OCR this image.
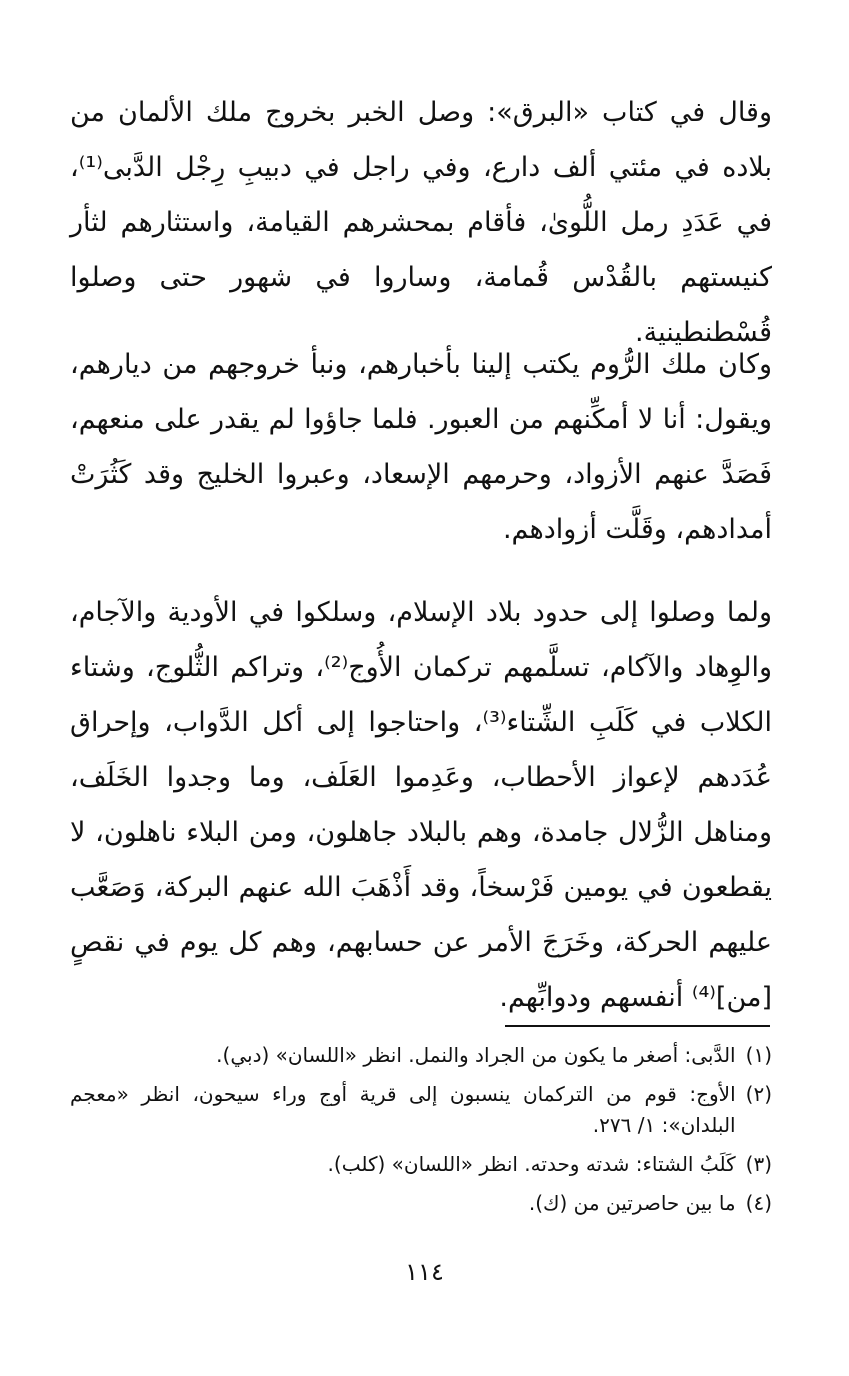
وقال في كتاب «البرق»: وصل الخبر بخروج ملك الألمان من بلاده في مئتي ألف دارع، وفي راجل في دبيبِ رِجْل الدَّبى⁽¹⁾، في عَدَدِ رمل اللُّوىٰ، فأقام بمحشرهم القيامة، واستثارهم لثأر كنيستهم بالقُدْس قُمامة، وساروا في شهور حتى وصلوا قُسْطنطينية.

وكان ملك الرُّوم يكتب إلينا بأخبارهم، ونبأ خروجهم من ديارهم، ويقول: أنا لا أمكِّنهم من العبور. فلما جاؤوا لم يقدر على منعهم، فَصَدَّ عنهم الأزواد، وحرمهم الإسعاد، وعبروا الخليج وقد كَثُرَتْ أمدادهم، وقَلَّت أزوادهم.

ولما وصلوا إلى حدود بلاد الإسلام، وسلكوا في الأودية والآجام، والوِهاد والآكام، تسلَّمهم تركمان الأُوج⁽²⁾، وتراكم الثُّلوج، وشتاء الكلاب في كَلَبِ الشِّتاء⁽³⁾، واحتاجوا إلى أكل الدَّواب، وإحراق عُدَدهم لإعواز الأحطاب، وعَدِموا العَلَف، وما وجدوا الخَلَف، ومناهل الزُّلال جامدة، وهم بالبلاد جاهلون، ومن البلاء ناهلون، لا يقطعون في يومين فَرْسخاً، وقد أَذْهَبَ الله عنهم البركة، وَصَعَّب عليهم الحركة، وخَرَجَ الأمر عن حسابهم، وهم كل يوم في نقصٍ [من]⁽⁴⁾ أنفسهم ودوابِّهم.

(١)
الدَّبى: أصغر ما يكون من الجراد والنمل. انظر «اللسان» (دبي).
(٢)
الأوج: قوم من التركمان ينسبون إلى قرية أوج وراء سيحون، انظر «معجم البلدان»: ١/ ٢٧٦.
(٣)
كَلَبُ الشتاء: شدته وحدته. انظر «اللسان» (كلب).
(٤)
ما بين حاصرتين من (ك).
١١٤
